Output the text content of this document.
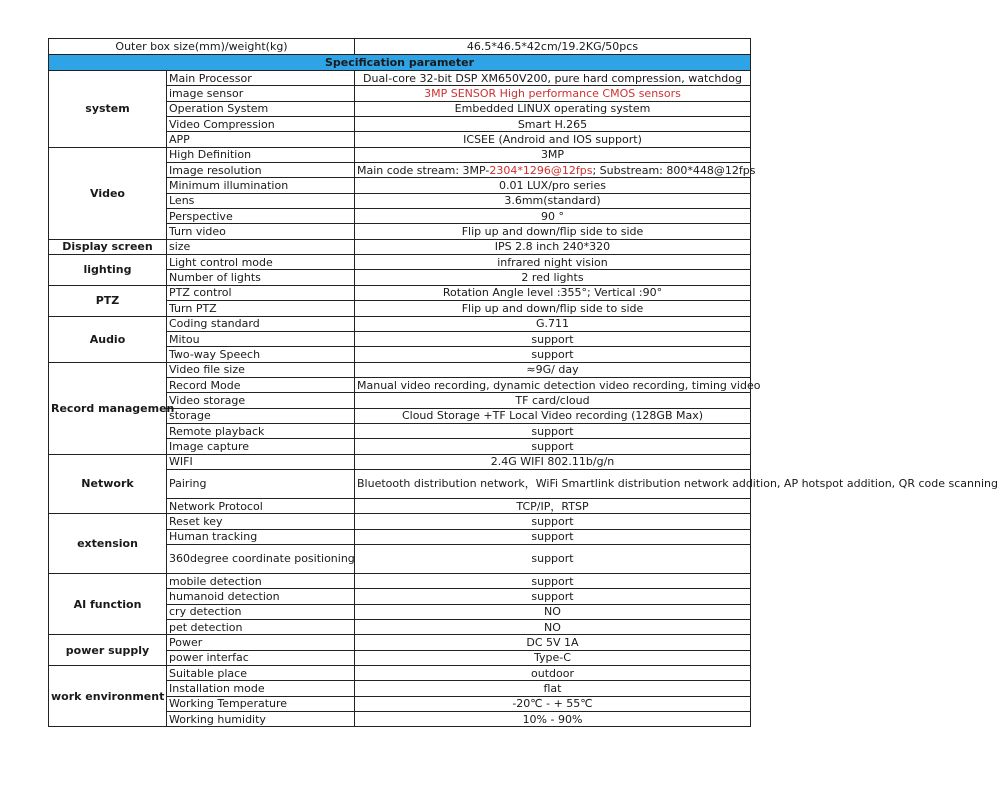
Outer box size(mm)/weight(kg)		46.5*46.5*42cm/19.2KG/50pcs
Specification parameter		
system	Main Processor	Dual-core 32-bit DSP XM650V200, pure hard compression, watchdog
	image sensor	3MP SENSOR High performance CMOS sensors
	Operation System	Embedded LINUX operating system
	Video Compression	Smart H.265
	APP	ICSEE (Android and IOS support)
Video	High Definition	3MP
	Image resolution	Main code stream: 3MP-2304*1296@12fps; Substream: 800*448@12fps
	Minimum illumination	0.01 LUX/pro series
	Lens	3.6mm(standard)
	Perspective	90 °
	Turn video	Flip up and down/flip side to side
Display screen	size	IPS 2.8 inch 240*320
lighting	Light control mode	infrared night vision
	Number of lights	2 red lights
PTZ	PTZ control	Rotation Angle level :355°; Vertical :90°
	Turn PTZ	Flip up and down/flip side to side
Audio	Coding standard	G.711
	Mitou	support
	Two-way Speech	support
Record managemen	Video file size	≈9G/ day
	Record Mode	Manual video recording, dynamic detection video recording, timing video
	Video storage	TF card/cloud
	storage	Cloud Storage +TF Local Video recording (128GB Max)
	Remote playback	support
	Image capture	support
Network	WIFI	2.4G WIFI 802.11b/g/n
	Pairing	Bluetooth distribution network，WiFi Smartlink distribution network addition, AP hotspot addition, QR code scanning
	Network Protocol	TCP/IP，RTSP
extension	Reset key	support
	Human tracking	support
	360degree coordinate positioning	support
AI function	mobile detection	support
	humanoid detection	support
	cry detection	NO
	pet detection	NO
power supply	Power	DC 5V 1A
	power interfac	Type-C
work environment	Suitable place	outdoor
	Installation mode	flat
	Working Temperature	-20℃ - + 55℃
	Working humidity	10% - 90%
